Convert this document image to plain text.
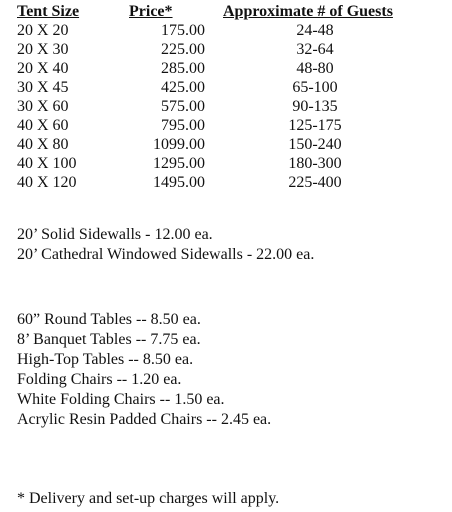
Tent Size	Price*	Approximate # of Guests
20 X 20	175.00	24-48
20 X 30	225.00	32-64
20 X 40	285.00	48-80
30 X 45	425.00	65-100
30 X 60	575.00	90-135
40 X 60	795.00	125-175
40 X 80	1099.00	150-240
40 X 100	1295.00	180-300
40 X 120	1495.00	225-400
20’ Solid Sidewalls - 12.00 ea.
20’ Cathedral Windowed Sidewalls - 22.00 ea.
60” Round Tables -- 8.50 ea.
8’ Banquet Tables -- 7.75 ea.
High-Top Tables -- 8.50 ea.
Folding Chairs -- 1.20 ea.
White Folding Chairs -- 1.50 ea.
Acrylic Resin Padded Chairs -- 2.45 ea.
* Delivery and set-up charges will apply.
